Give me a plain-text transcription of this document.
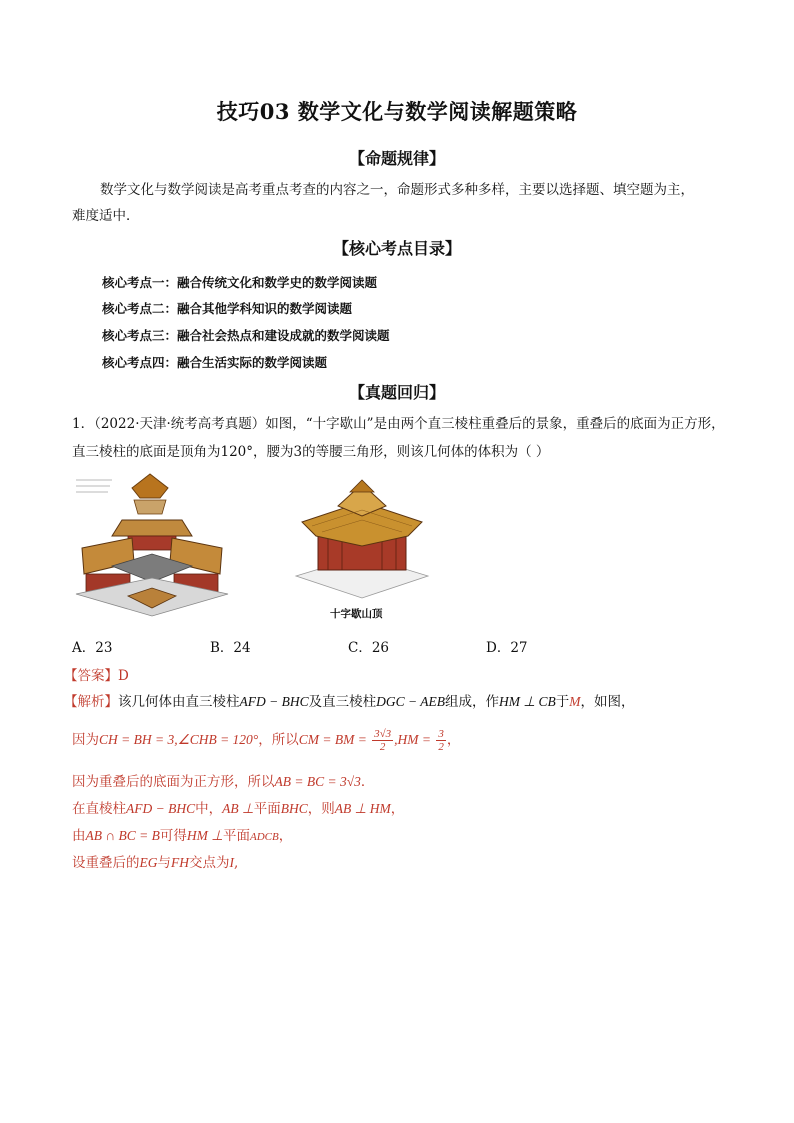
技巧03 数学文化与数学阅读解题策略
【命题规律】
数学文化与数学阅读是高考重点考查的内容之一，命题形式多种多样，主要以选择题、填空题为主，
难度适中．
【核心考点目录】
核心考点一：融合传统文化和数学史的数学阅读题
核心考点二：融合其他学科知识的数学阅读题
核心考点三：融合社会热点和建设成就的数学阅读题
核心考点四：融合生活实际的数学阅读题
【真题回归】
1．（2022·天津·统考高考真题）如图，“十字歇山”是由两个直三棱柱重叠后的景象，重叠后的底面为正方形，
直三棱柱的底面是顶角为120°，腰为3的等腰三角形，则该几何体的体积为（ ）
十字歇山顶
A．23	B．24	C．26	D．27
【答案】D
【解析】该几何体由直三棱柱AFD − BHC及直三棱柱DGC − AEB组成，作HM ⊥ CB于M，如图，
因为CH = BH = 3,∠CHB = 120°，所以CM = BM = $\frac{3√3}{2} ,HM = \frac{3}{2}$ ，
因为重叠后的底面为正方形，所以AB = BC = 3√3．
在直棱柱AFD − BHC中，AB ⊥平面BHC，则AB ⊥ HM，
由AB ∩ BC = B可得HM ⊥平面ADCB，
设重叠后的EG与FH交点为I,
